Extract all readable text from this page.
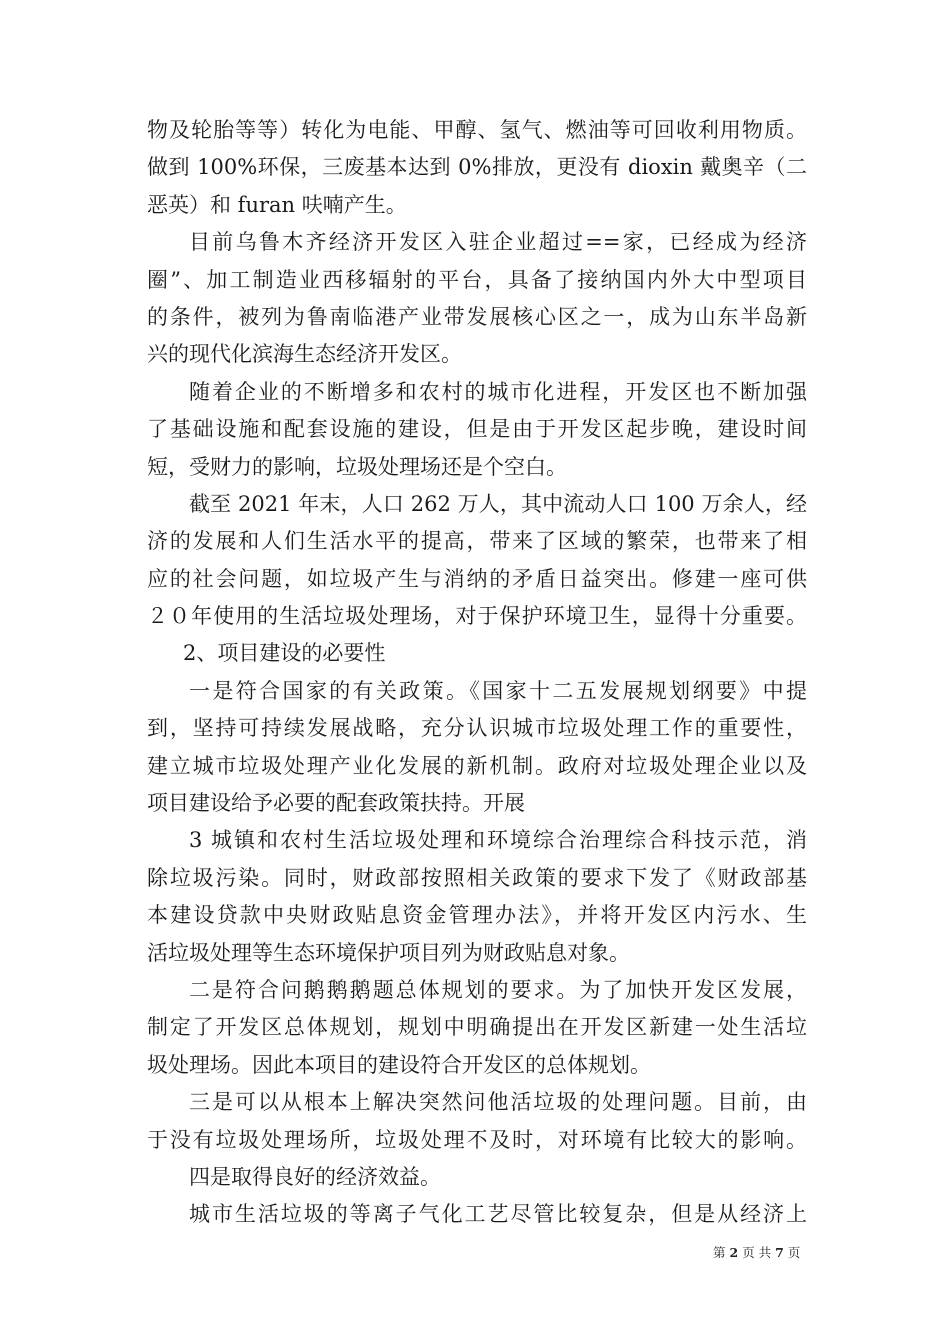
物及轮胎等等）转化为电能、甲醇、氢气、燃油等可回收利用物质。
做到 100%环保，三废基本达到 0%排放，更没有 dioxin 戴奥辛（二
恶英）和 furan 呋喃产生。
目前乌鲁木齐经济开发区入驻企业超过==家，已经成为经济
圈”、加工制造业西移辐射的平台，具备了接纳国内外大中型项目
的条件，被列为鲁南临港产业带发展核心区之一，成为山东半岛新
兴的现代化滨海生态经济开发区。
随着企业的不断增多和农村的城市化进程，开发区也不断加强
了基础设施和配套设施的建设，但是由于开发区起步晚，建设时间
短，受财力的影响，垃圾处理场还是个空白。
截至 2021 年末，人口 262 万人，其中流动人口 100 万余人，经
济的发展和人们生活水平的提高，带来了区域的繁荣，也带来了相
应的社会问题，如垃圾产生与消纳的矛盾日益突出。修建一座可供
２０年使用的生活垃圾处理场，对于保护环境卫生，显得十分重要。
2、项目建设的必要性
一是符合国家的有关政策。《国家十二五发展规划纲要》中提
到，坚持可持续发展战略，充分认识城市垃圾处理工作的重要性，
建立城市垃圾处理产业化发展的新机制。政府对垃圾处理企业以及
项目建设给予必要的配套政策扶持。开展
3 城镇和农村生活垃圾处理和环境综合治理综合科技示范，消
除垃圾污染。同时，财政部按照相关政策的要求下发了《财政部基
本建设贷款中央财政贴息资金管理办法》，并将开发区内污水、生
活垃圾处理等生态环境保护项目列为财政贴息对象。
二是符合问鹅鹅鹅题总体规划的要求。为了加快开发区发展，
制定了开发区总体规划，规划中明确提出在开发区新建一处生活垃
圾处理场。因此本项目的建设符合开发区的总体规划。
三是可以从根本上解决突然问他活垃圾的处理问题。目前，由
于没有垃圾处理场所，垃圾处理不及时，对环境有比较大的影响。
四是取得良好的经济效益。
城市生活垃圾的等离子气化工艺尽管比较复杂，但是从经济上
第 2 页 共 7 页
